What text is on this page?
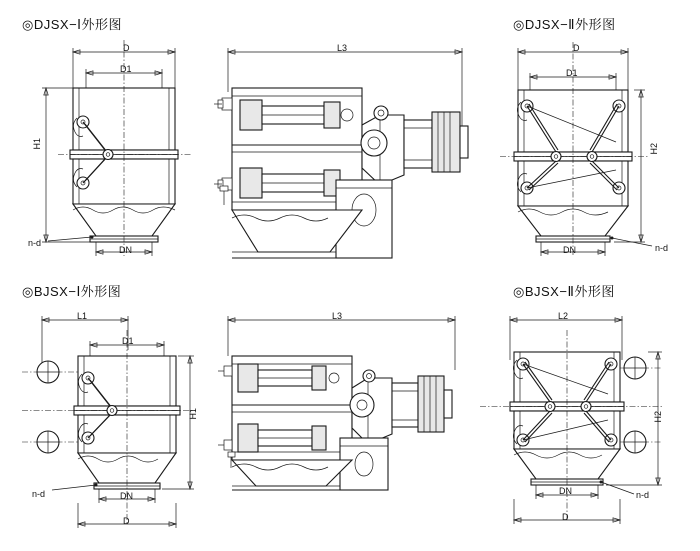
◎DJSX−Ⅰ外形图	◎DJSX−Ⅱ外形图
◎BJSX−Ⅰ外形图	◎BJSX−Ⅱ外形图
D
D1
H1
DN
n-d
L3	D
D1
H2
DN	n-d
L1
D1
H1
DN
D
n-d
L3	L2
H2
DN
D
n-d
